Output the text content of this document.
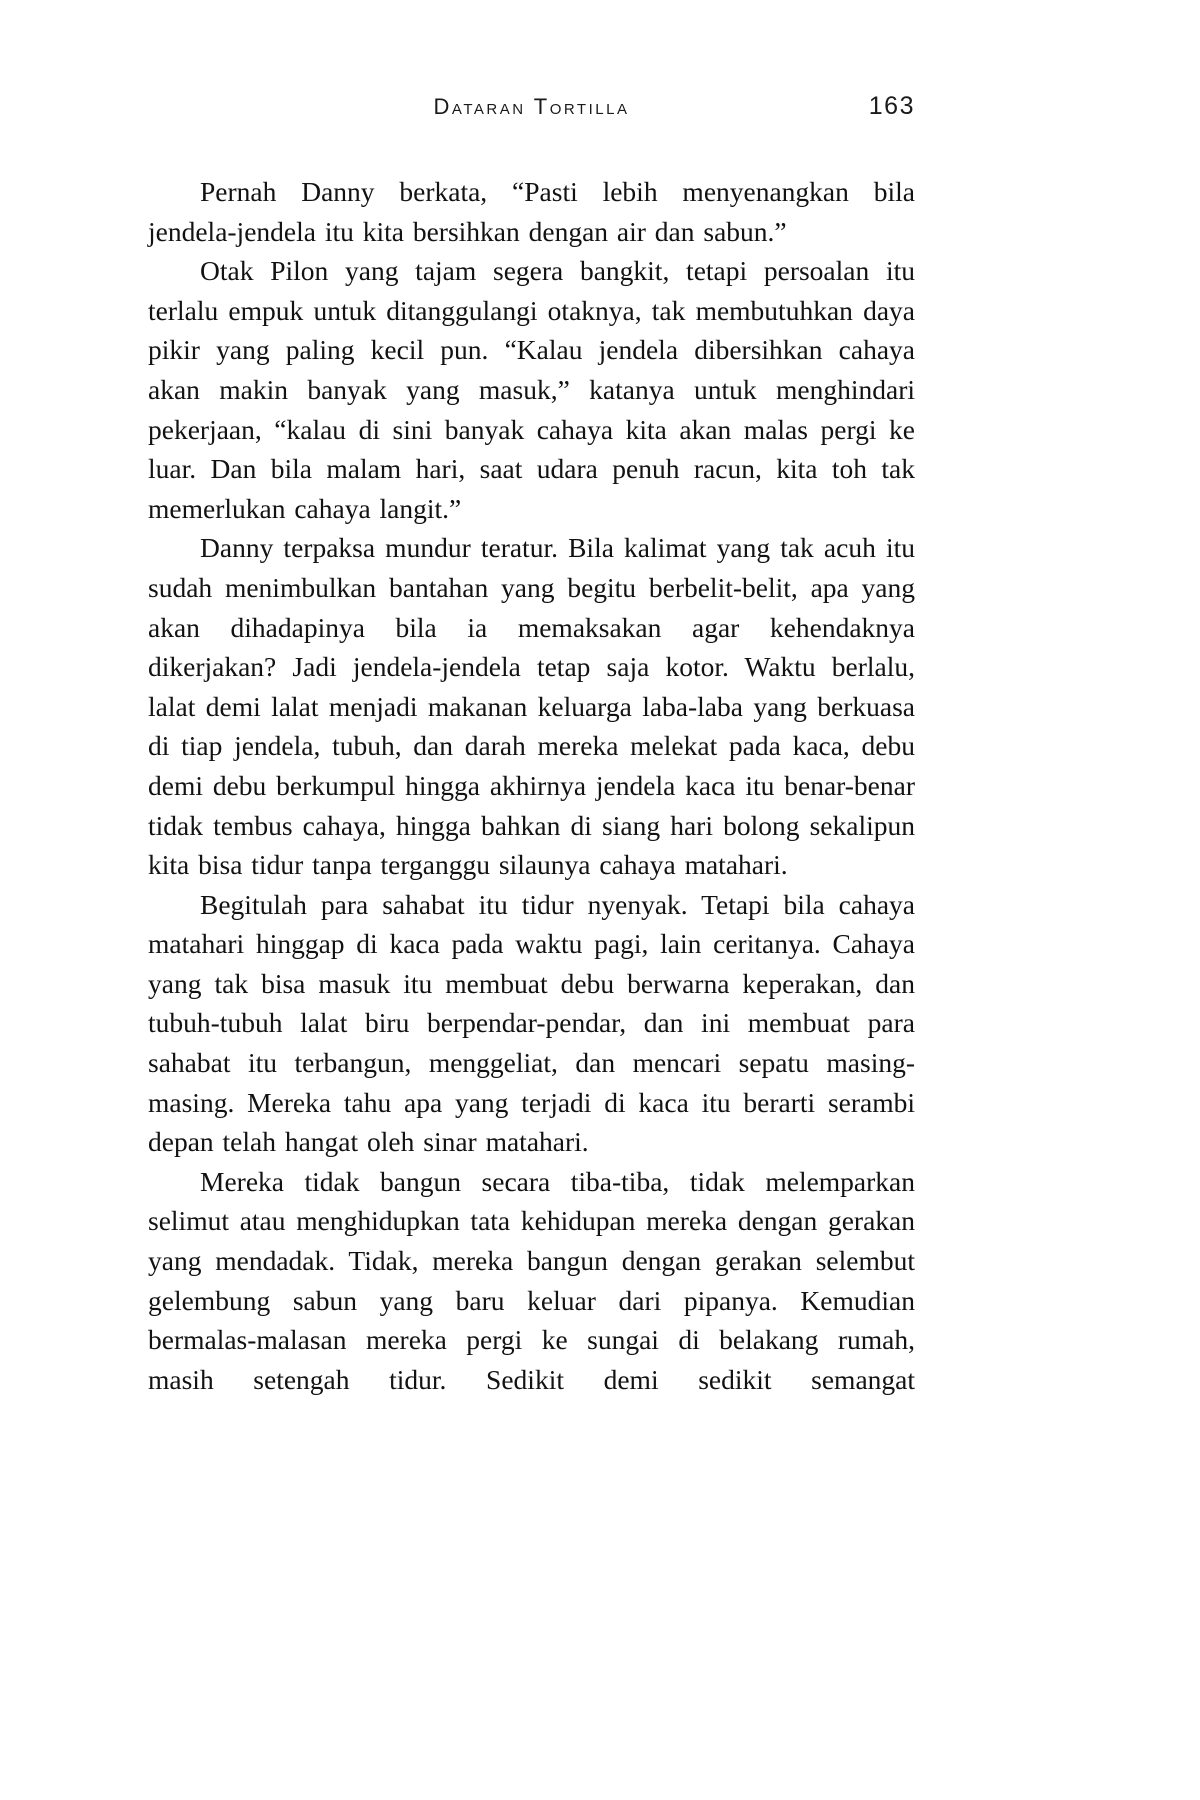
Dataran Tortilla	163

Pernah Danny berkata, “Pasti lebih menyenangkan bila jendela-jendela itu kita bersihkan dengan air dan sabun.”

Otak Pilon yang tajam segera bangkit, tetapi persoalan itu terlalu empuk untuk ditanggulangi otaknya, tak membutuhkan daya pikir yang paling kecil pun. “Kalau jendela dibersihkan cahaya akan makin banyak yang masuk,” katanya untuk menghindari pekerjaan, “kalau di sini banyak cahaya kita akan malas pergi ke luar. Dan bila malam hari, saat udara penuh racun, kita toh tak memerlukan cahaya langit.”

Danny terpaksa mundur teratur. Bila kalimat yang tak acuh itu sudah menimbulkan bantahan yang begitu berbelit-belit, apa yang akan dihadapinya bila ia memaksakan agar kehendaknya dikerjakan? Jadi jendela-jendela tetap saja kotor. Waktu berlalu, lalat demi lalat menjadi makanan keluarga laba-laba yang berkuasa di tiap jendela, tubuh, dan darah mereka melekat pada kaca, debu demi debu berkumpul hingga akhirnya jendela kaca itu benar-benar tidak tembus cahaya, hingga bahkan di siang hari bolong sekalipun kita bisa tidur tanpa terganggu silaunya cahaya matahari.

Begitulah para sahabat itu tidur nyenyak. Tetapi bila cahaya matahari hinggap di kaca pada waktu pagi, lain ceritanya. Cahaya yang tak bisa masuk itu membuat debu berwarna keperakan, dan tubuh-tubuh lalat biru berpendar-pendar, dan ini membuat para sahabat itu terbangun, menggeliat, dan mencari sepatu masing-masing. Mereka tahu apa yang terjadi di kaca itu berarti serambi depan telah hangat oleh sinar matahari.

Mereka tidak bangun secara tiba-tiba, tidak melemparkan selimut atau menghidupkan tata kehidupan mereka dengan gerakan yang mendadak. Tidak, mereka bangun dengan gerakan selembut gelembung sabun yang baru keluar dari pipanya. Kemudian bermalas-malasan mereka pergi ke sungai di belakang rumah, masih setengah tidur. Sedikit demi sedikit semangat
